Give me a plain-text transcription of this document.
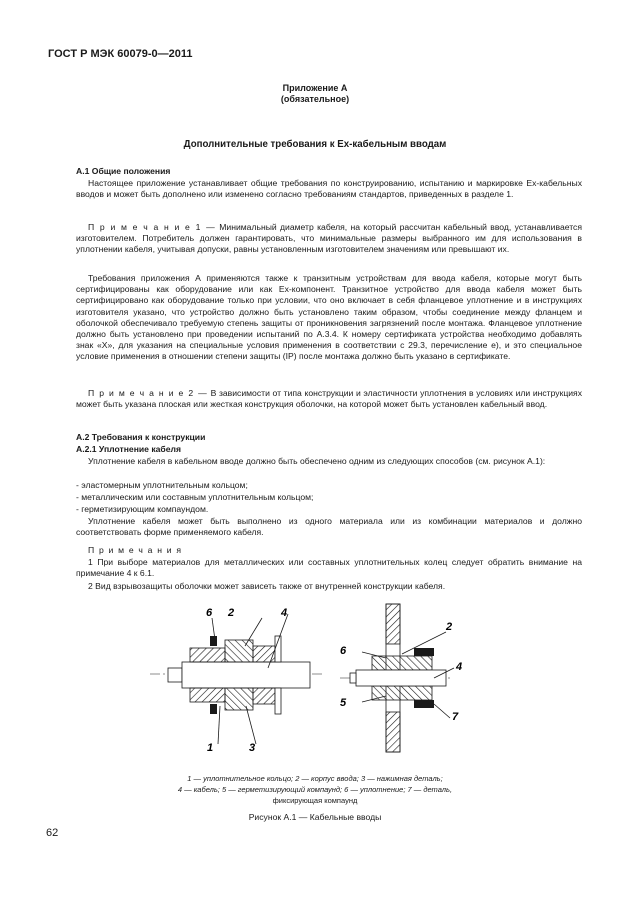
ГОСТ Р МЭК 60079-0—2011
Приложение А
(обязательное)
Дополнительные требования к Ex-кабельным вводам
А.1 Общие положения
Настоящее приложение устанавливает общие требования по конструированию, испытанию и маркировке Ex-кабельных вводов и может быть дополнено или изменено согласно требованиям стандартов, приведенных в разделе 1.
П р и м е ч а н и е 1 — Минимальный диаметр кабеля, на который рассчитан кабельный ввод, устанавливается изготовителем. Потребитель должен гарантировать, что минимальные размеры выбранного им для использования в уплотнении кабеля, учитывая допуски, равны установленным изготовителем значениям или превышают их.
Требования приложения А применяются также к транзитным устройствам для ввода кабеля, которые могут быть сертифицированы как оборудование или как Ex-компонент. Транзитное устройство для ввода кабеля может быть сертифицировано как оборудование только при условии, что оно включает в себя фланцевое уплотнение и в инструкциях изготовителя указано, что устройство должно быть установлено таким образом, чтобы соединение между фланцем и оболочкой обеспечивало требуемую степень защиты от проникновения загрязнений после монтажа. Фланцевое уплотнение должно быть установлено при проведении испытаний по А.3.4. К номеру сертификата устройства необходимо добавлять знак «Х», для указания на специальные условия применения в соответствии с 29.3, перечисление е), и это специальное условие применения в отношении степени защиты (IP) после монтажа должно быть указано в сертификате.
П р и м е ч а н и е 2 — В зависимости от типа конструкции и эластичности уплотнения в условиях или инструкциях может быть указана плоская или жесткая конструкция оболочки, на которой может быть установлен кабельный ввод.
А.2 Требования к конструкции
А.2.1 Уплотнение кабеля
Уплотнение кабеля в кабельном вводе должно быть обеспечено одним из следующих способов (см. рисунок А.1):
- эластомерным уплотнительным кольцом;
- металлическим или составным уплотнительным кольцом;
- герметизирующим компаундом.
Уплотнение кабеля может быть выполнено из одного материала или из комбинации материалов и должно соответствовать форме применяемого кабеля.
П р и м е ч а н и я
1 При выборе материалов для металлических или составных уплотнительных колец следует обратить внимание на примечание 4 к 6.1.
2 Вид взрывозащиты оболочки может зависеть также от внутренней конструкции кабеля.
6 2	4
1	3
6
2
4
5
7
1 — уплотнительное кольцо; 2 — корпус ввода; 3 — нажимная деталь;
4 — кабель; 5 — герметизирующий компаунд; 6 — уплотнение; 7 — деталь,
фиксирующая компаунд
Рисунок А.1 — Кабельные вводы
62
